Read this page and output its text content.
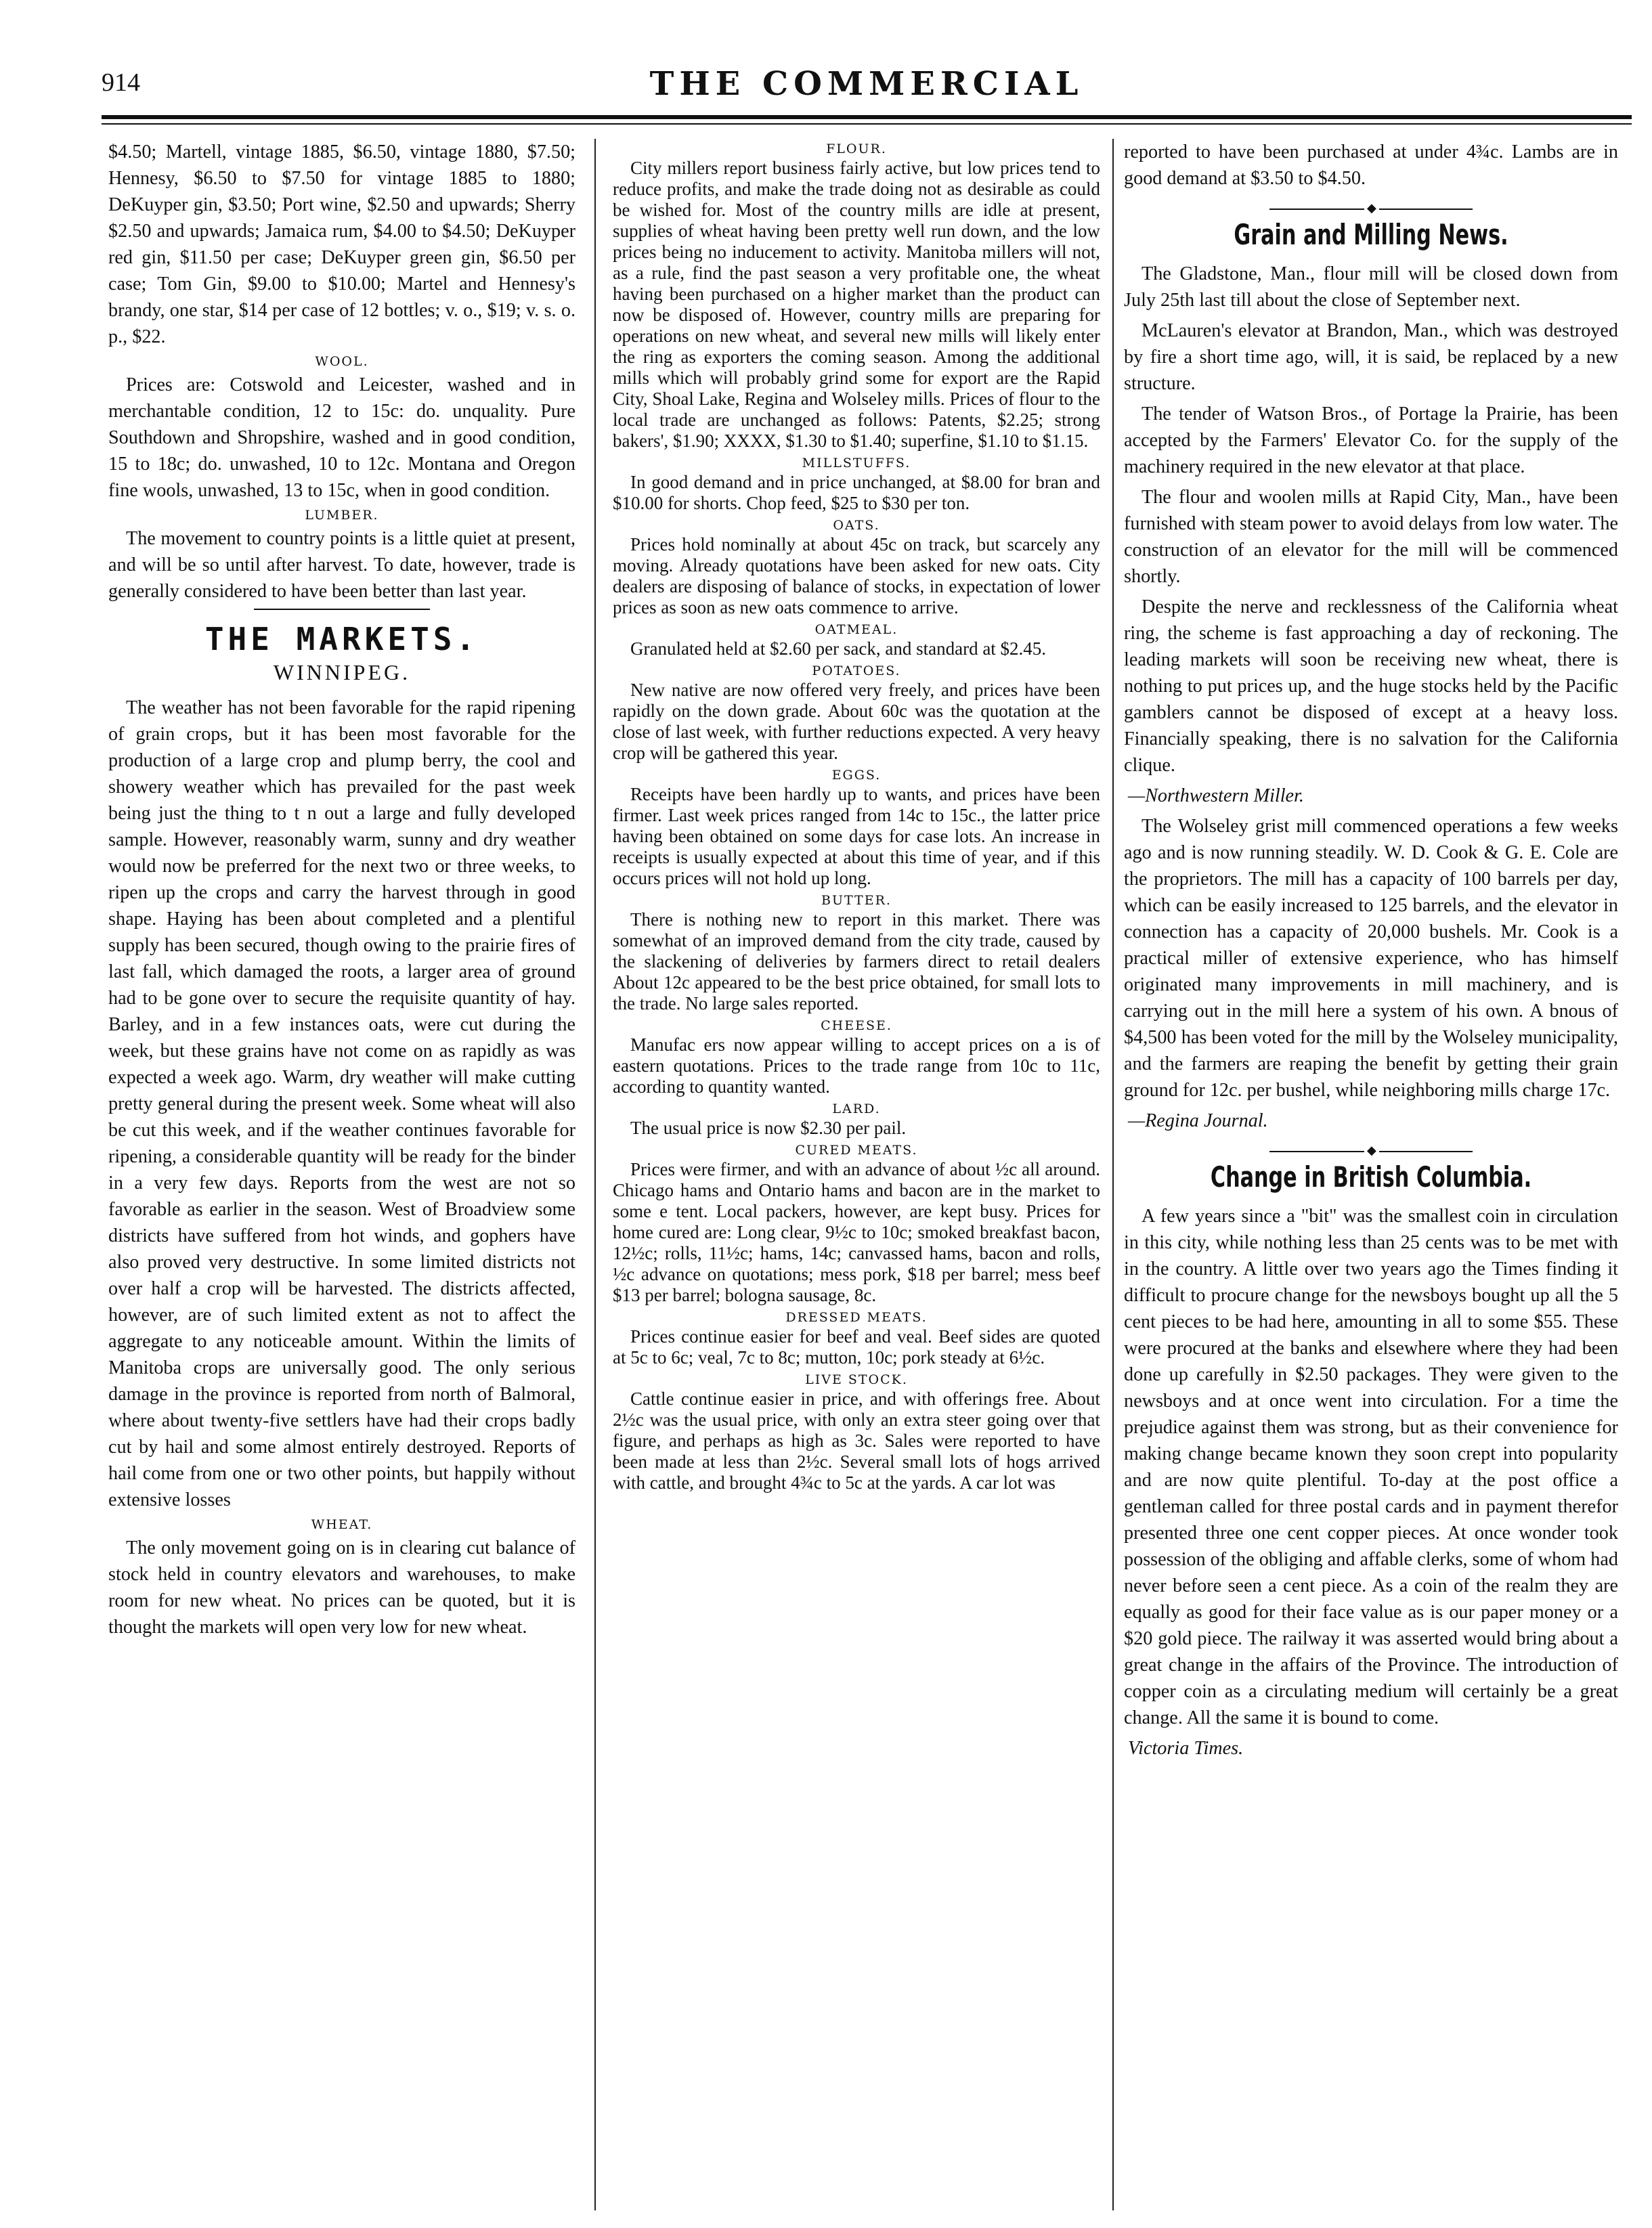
914	THE COMMERCIAL

$4.50; Martell, vintage 1885, $6.50, vintage 1880, $7.50; Hennesy, $6.50 to $7.50 for vintage 1885 to 1880; DeKuyper gin, $3.50; Port wine, $2.50 and upwards; Sherry $2.50 and upwards; Jamaica rum, $4.00 to $4.50; DeKuyper red gin, $11.50 per case; DeKuyper green gin, $6.50 per case; Tom Gin, $9.00 to $10.00; Martel and Hennesy's brandy, one star, $14 per case of 12 bottles; v. o., $19; v. s. o. p., $22.

WOOL.

Prices are: Cotswold and Leicester, washed and in merchantable condition, 12 to 15c: do. unquality. Pure Southdown and Shropshire, washed and in good condition, 15 to 18c; do. unwashed, 10 to 12c. Montana and Oregon fine wools, unwashed, 13 to 15c, when in good condition.

LUMBER.

The movement to country points is a little quiet at present, and will be so until after harvest. To date, however, trade is generally considered to have been better than last year.

THE MARKETS.
WINNIPEG.

The weather has not been favorable for the rapid ripening of grain crops, but it has been most favorable for the production of a large crop and plump berry, the cool and showery weather which has prevailed for the past week being just the thing to t n out a large and fully developed sample. However, reasonably warm, sunny and dry weather would now be preferred for the next two or three weeks, to ripen up the crops and carry the harvest through in good shape. Haying has been about completed and a plentiful supply has been secured, though owing to the prairie fires of last fall, which damaged the roots, a larger area of ground had to be gone over to secure the requisite quantity of hay. Barley, and in a few instances oats, were cut during the week, but these grains have not come on as rapidly as was expected a week ago. Warm, dry weather will make cutting pretty general during the present week. Some wheat will also be cut this week, and if the weather continues favorable for ripening, a considerable quantity will be ready for the binder in a very few days. Reports from the west are not so favorable as earlier in the season. West of Broadview some districts have suffered from hot winds, and gophers have also proved very destructive. In some limited districts not over half a crop will be harvested. The districts affected, however, are of such limited extent as not to affect the aggregate to any noticeable amount. Within the limits of Manitoba crops are universally good. The only serious damage in the province is reported from north of Balmoral, where about twenty-five settlers have had their crops badly cut by hail and some almost entirely destroyed. Reports of hail come from one or two other points, but happily without extensive losses

WHEAT.

The only movement going on is in clearing cut balance of stock held in country elevators and warehouses, to make room for new wheat. No prices can be quoted, but it is thought the markets will open very low for new wheat.

FLOUR.

City millers report business fairly active, but low prices tend to reduce profits, and make the trade doing not as desirable as could be wished for. Most of the country mills are idle at present, supplies of wheat having been pretty well run down, and the low prices being no inducement to activity. Manitoba millers will not, as a rule, find the past season a very profitable one, the wheat having been purchased on a higher market than the product can now be disposed of. However, country mills are preparing for operations on new wheat, and several new mills will likely enter the ring as exporters the coming season. Among the additional mills which will probably grind some for export are the Rapid City, Shoal Lake, Regina and Wolseley mills. Prices of flour to the local trade are unchanged as follows: Patents, $2.25; strong bakers', $1.90; XXXX, $1.30 to $1.40; superfine, $1.10 to $1.15.

MILLSTUFFS.

In good demand and in price unchanged, at $8.00 for bran and $10.00 for shorts. Chop feed, $25 to $30 per ton.

OATS.

Prices hold nominally at about 45c on track, but scarcely any moving. Already quotations have been asked for new oats. City dealers are disposing of balance of stocks, in expectation of lower prices as soon as new oats commence to arrive.

OATMEAL.

Granulated held at $2.60 per sack, and standard at $2.45.

POTATOES.

New native are now offered very freely, and prices have been rapidly on the down grade. About 60c was the quotation at the close of last week, with further reductions expected. A very heavy crop will be gathered this year.

EGGS.

Receipts have been hardly up to wants, and prices have been firmer. Last week prices ranged from 14c to 15c., the latter price having been obtained on some days for case lots. An increase in receipts is usually expected at about this time of year, and if this occurs prices will not hold up long.

BUTTER.

There is nothing new to report in this market. There was somewhat of an improved demand from the city trade, caused by the slackening of deliveries by farmers direct to retail dealers About 12c appeared to be the best price obtained, for small lots to the trade. No large sales reported.

CHEESE.

Manufac ers now appear willing to accept prices on a is of eastern quotations. Prices to the trade range from 10c to 11c, according to quantity wanted.

LARD.

The usual price is now $2.30 per pail.

CURED MEATS.

Prices were firmer, and with an advance of about ½c all around. Chicago hams and Ontario hams and bacon are in the market to some e tent. Local packers, however, are kept busy. Prices for home cured are: Long clear, 9½c to 10c; smoked breakfast bacon, 12½c; rolls, 11½c; hams, 14c; canvassed hams, bacon and rolls, ½c advance on quotations; mess pork, $18 per barrel; mess beef $13 per barrel; bologna sausage, 8c.

DRESSED MEATS.

Prices continue easier for beef and veal. Beef sides are quoted at 5c to 6c; veal, 7c to 8c; mutton, 10c; pork steady at 6½c.

LIVE STOCK.

Cattle continue easier in price, and with offerings free. About 2½c was the usual price, with only an extra steer going over that figure, and perhaps as high as 3c. Sales were reported to have been made at less than 2½c. Several small lots of hogs arrived with cattle, and brought 4¾c to 5c at the yards. A car lot was

reported to have been purchased at under 4¾c. Lambs are in good demand at $3.50 to $4.50.

◆
Grain and Milling News.

The Gladstone, Man., flour mill will be closed down from July 25th last till about the close of September next.

McLauren's elevator at Brandon, Man., which was destroyed by fire a short time ago, will, it is said, be replaced by a new structure.

The tender of Watson Bros., of Portage la Prairie, has been accepted by the Farmers' Elevator Co. for the supply of the machinery required in the new elevator at that place.

The flour and woolen mills at Rapid City, Man., have been furnished with steam power to avoid delays from low water. The construction of an elevator for the mill will be commenced shortly.

Despite the nerve and recklessness of the California wheat ring, the scheme is fast approaching a day of reckoning. The leading markets will soon be receiving new wheat, there is nothing to put prices up, and the huge stocks held by the Pacific gamblers cannot be disposed of except at a heavy loss. Financially speaking, there is no salvation for the California clique.

—Northwestern Miller.

The Wolseley grist mill commenced operations a few weeks ago and is now running steadily. W. D. Cook & G. E. Cole are the proprietors. The mill has a capacity of 100 barrels per day, which can be easily increased to 125 barrels, and the elevator in connection has a capacity of 20,000 bushels. Mr. Cook is a practical miller of extensive experience, who has himself originated many improvements in mill machinery, and is carrying out in the mill here a system of his own. A bnous of $4,500 has been voted for the mill by the Wolseley municipality, and the farmers are reaping the benefit by getting their grain ground for 12c. per bushel, while neighboring mills charge 17c.

—Regina Journal.

◆
Change in British Columbia.

A few years since a "bit" was the smallest coin in circulation in this city, while nothing less than 25 cents was to be met with in the country. A little over two years ago the Times finding it difficult to procure change for the newsboys bought up all the 5 cent pieces to be had here, amounting in all to some $55. These were procured at the banks and elsewhere where they had been done up carefully in $2.50 packages. They were given to the newsboys and at once went into circulation. For a time the prejudice against them was strong, but as their convenience for making change became known they soon crept into popularity and are now quite plentiful. To-day at the post office a gentleman called for three postal cards and in payment therefor presented three one cent copper pieces. At once wonder took possession of the obliging and affable clerks, some of whom had never before seen a cent piece. As a coin of the realm they are equally as good for their face value as is our paper money or a $20 gold piece. The railway it was asserted would bring about a great change in the affairs of the Province. The introduction of copper coin as a circulating medium will certainly be a great change. All the same it is bound to come.

Victoria Times.
